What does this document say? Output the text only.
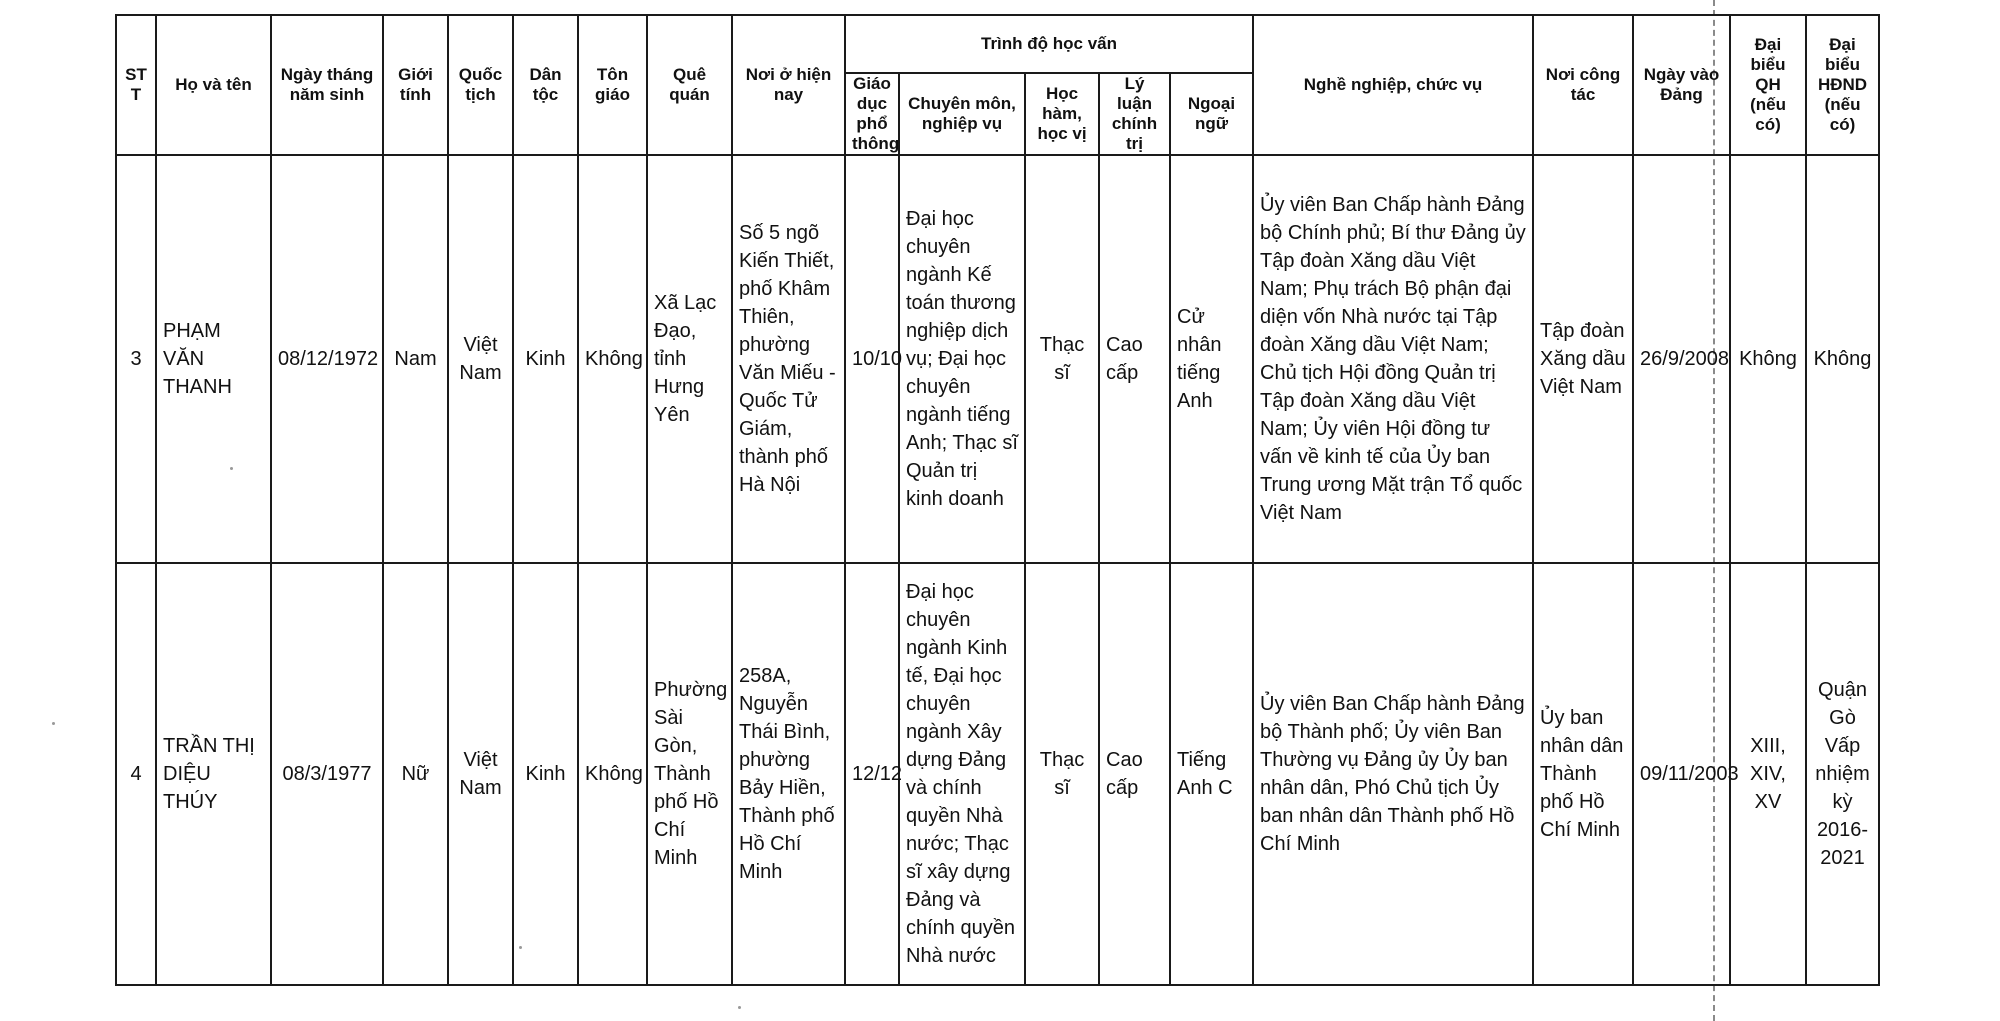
ST T	Họ và tên	Ngày tháng năm sinh	Giới tính	Quốc tịch	Dân tộc	Tôn giáo	Quê quán	Nơi ở hiện nay	Trình độ học vấn					Nghề nghiệp, chức vụ	Nơi công tác	Ngày vào Đảng	Đại biểu QH (nếu có)	Đại biểu HĐND (nếu có)
									Giáo dục phổ thông	Chuyên môn, nghiệp vụ	Học hàm, học vị	Lý luận chính trị	Ngoại ngữ					
3	PHẠM VĂN THANH	08/12/1972	Nam	Việt Nam	Kinh	Không	Xã Lạc Đạo, tỉnh Hưng Yên	Số 5 ngõ Kiến Thiết, phố Khâm Thiên, phường Văn Miếu - Quốc Tử Giám, thành phố Hà Nội	10/10	Đại học chuyên ngành Kế toán thương nghiệp dịch vụ; Đại học chuyên ngành tiếng Anh; Thạc sĩ Quản trị kinh doanh	Thạc sĩ	Cao cấp	Cử nhân tiếng Anh	Ủy viên Ban Chấp hành Đảng bộ Chính phủ; Bí thư Đảng ủy Tập đoàn Xăng dầu Việt Nam; Phụ trách Bộ phận đại diện vốn Nhà nước tại Tập đoàn Xăng dầu Việt Nam; Chủ tịch Hội đồng Quản trị Tập đoàn Xăng dầu Việt Nam; Ủy viên Hội đồng tư vấn về kinh tế của Ủy ban Trung ương Mặt trận Tổ quốc Việt Nam	Tập đoàn Xăng dầu Việt Nam	26/9/2008	Không	Không
4	TRẦN THỊ DIỆU THÚY	08/3/1977	Nữ	Việt Nam	Kinh	Không	Phường Sài Gòn, Thành phố Hồ Chí Minh	258A, Nguyễn Thái Bình, phường Bảy Hiền, Thành phố Hồ Chí Minh	12/12	Đại học chuyên ngành Kinh tế, Đại học chuyên ngành Xây dựng Đảng và chính quyền Nhà nước; Thạc sĩ xây dựng Đảng và chính quyền Nhà nước	Thạc sĩ	Cao cấp	Tiếng Anh C	Ủy viên Ban Chấp hành Đảng bộ Thành phố; Ủy viên Ban Thường vụ Đảng ủy Ủy ban nhân dân, Phó Chủ tịch Ủy ban nhân dân Thành phố Hồ Chí Minh	Ủy ban nhân dân Thành phố Hồ Chí Minh	09/11/2003	XIII, XIV, XV	Quận Gò Vấp nhiệm kỳ 2016-2021
